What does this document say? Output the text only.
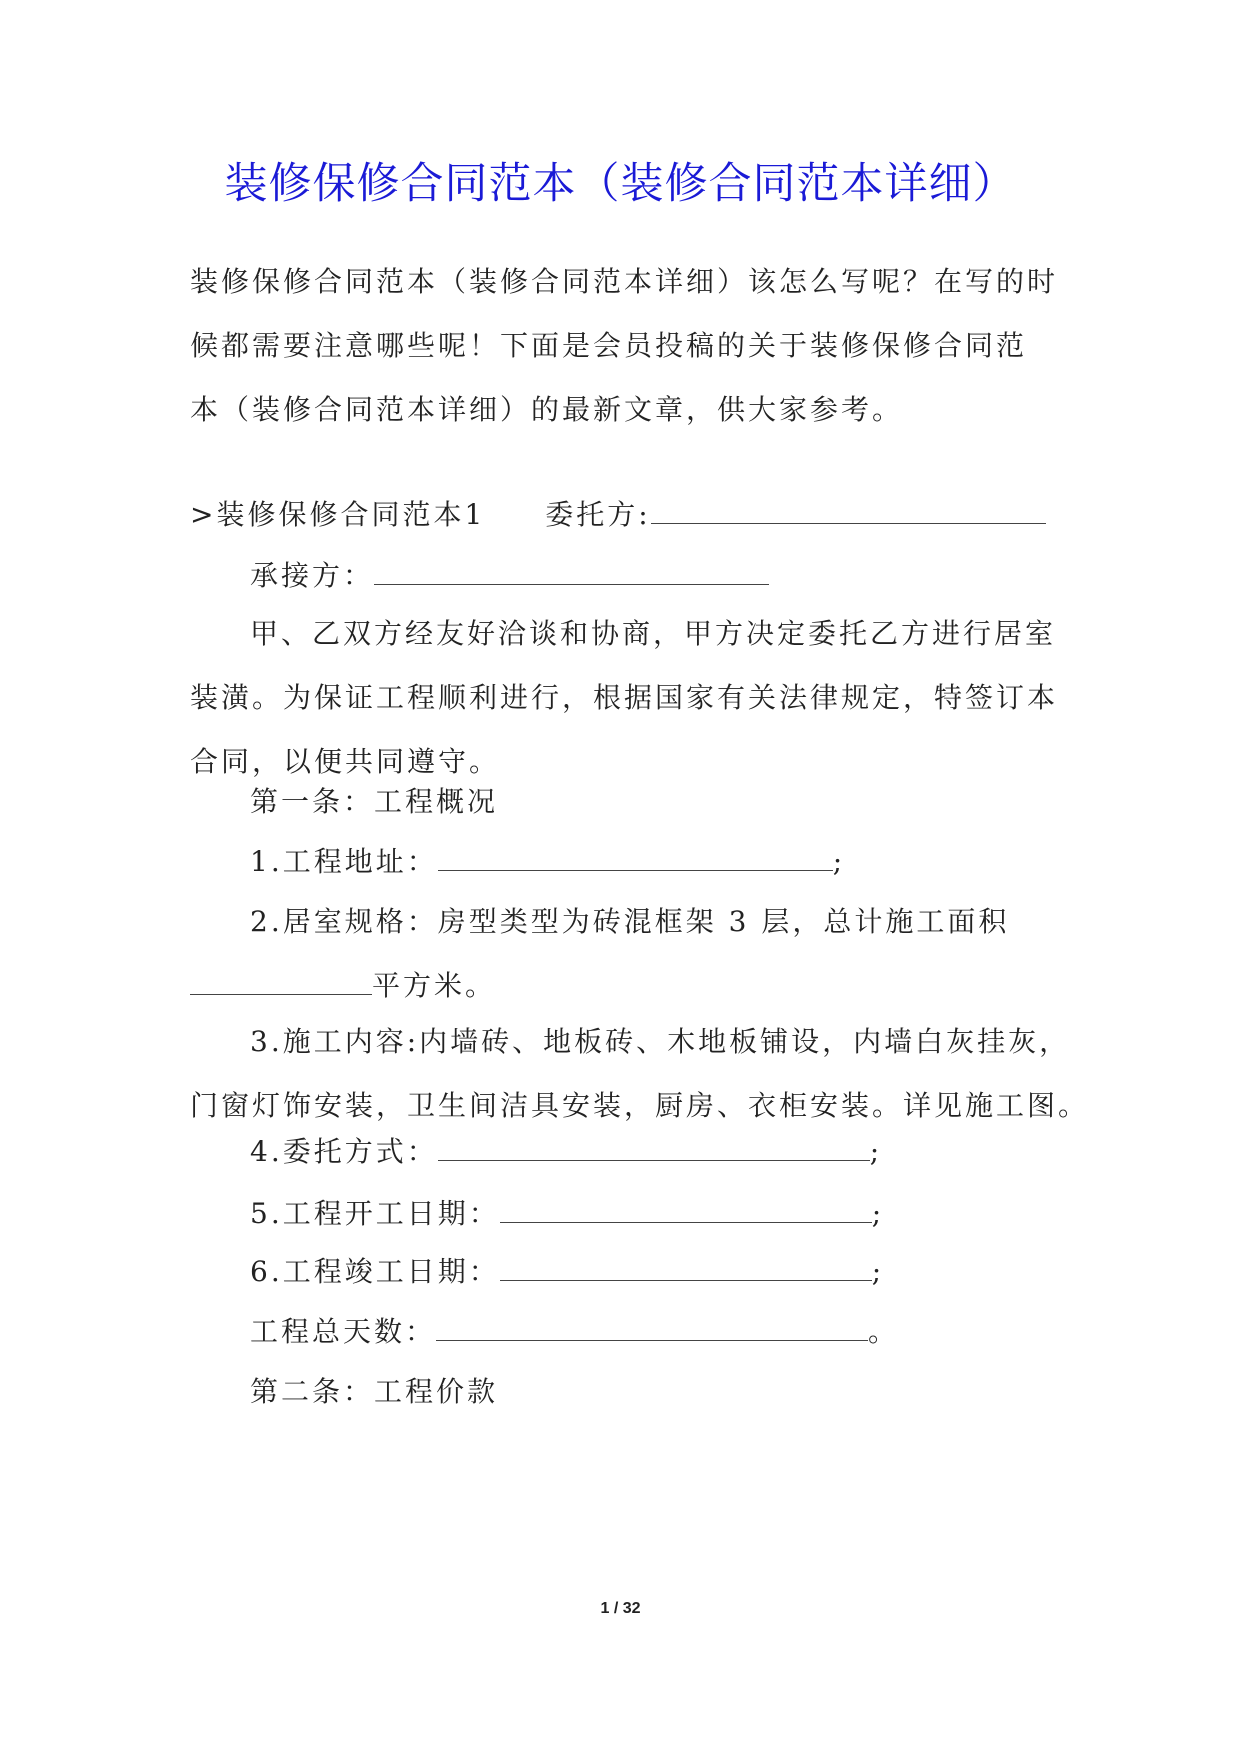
装修保修合同范本（装修合同范本详细）
装修保修合同范本（装修合同范本详细）该怎么写呢？在写的时
候都需要注意哪些呢！下面是会员投稿的关于装修保修合同范
本（装修合同范本详细）的最新文章，供大家参考。
>装修保修合同范本1 委托方:
承接方：
甲、乙双方经友好洽谈和协商，甲方决定委托乙方进行居室
装潢。为保证工程顺利进行，根据国家有关法律规定，特签订本
合同，以便共同遵守。
第一条：工程概况
1.工程地址：	;
2.居室规格：房型类型为砖混框架 3 层，总计施工面积
平方米。
3.施工内容:内墙砖、地板砖、木地板铺设，内墙白灰挂灰，
门窗灯饰安装，卫生间洁具安装，厨房、衣柜安装。详见施工图。
4.委托方式：	;
5.工程开工日期：	;
6.工程竣工日期：	;
工程总天数：	。
第二条：工程价款
1 / 32
